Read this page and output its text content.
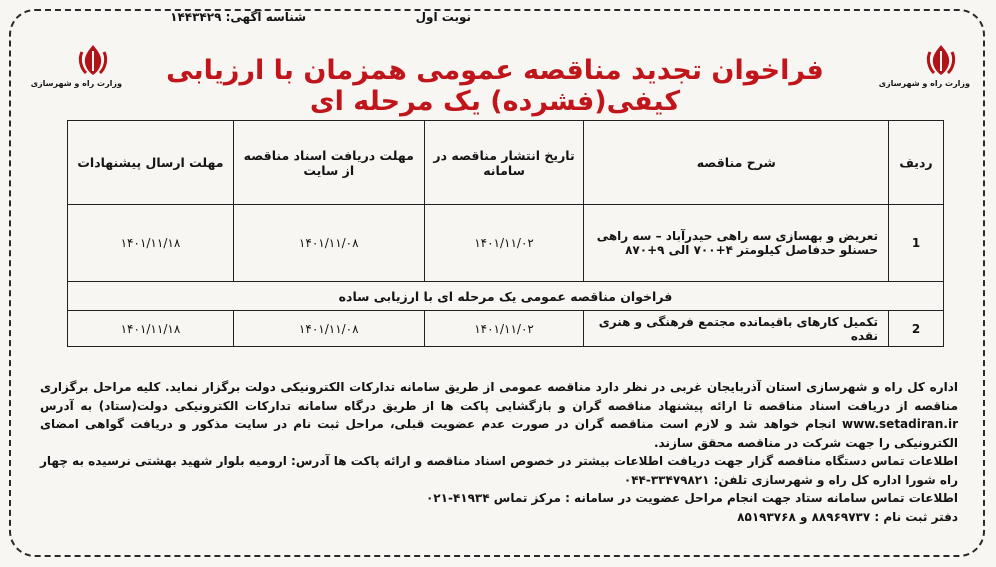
شناسه آگهی: ۱۴۴۳۴۲۹	نوبت اول
وزارت راه و شهرسازی
وزارت راه و شهرسازی	فراخوان تجدید مناقصه عمومی همزمان با ارزیابی کیفی(فشرده) یک مرحله ای
ردیف	شرح مناقصه	تاریخ انتشار مناقصه در سامانه	مهلت دریافت اسناد مناقصه از سایت	مهلت ارسال پیشنهادات
1	تعریض و بهسازی سه راهی حیدرآباد – سه راهی حسنلو حدفاصل کیلومتر ۴+۷۰۰ الی ۹+۸۷۰	۱۴۰۱/۱۱/۰۲	۱۴۰۱/۱۱/۰۸	۱۴۰۱/۱۱/۱۸
فراخوان مناقصه عمومی یک مرحله ای با ارزیابی ساده				
2	تکمیل کارهای باقیمانده مجتمع فرهنگی و هنری نقده	۱۴۰۱/۱۱/۰۲	۱۴۰۱/۱۱/۰۸	۱۴۰۱/۱۱/۱۸

اداره کل راه و شهرسازی استان آذربایجان غربی در نظر دارد مناقصه عمومی از طریق سامانه تدارکات الکترونیکی دولت برگزار نماید. کلیه مراحل برگزاری مناقصه از دریافت اسناد مناقصه تا ارائه پیشنهاد مناقصه گران و بازگشایی پاکت ها از طریق درگاه سامانه تدارکات الکترونیکی دولت(ستاد) به آدرس www.setadiran.ir انجام خواهد شد و لازم است مناقصه گران در صورت عدم عضویت قبلی، مراحل ثبت نام در سایت مذکور و دریافت گواهی امضای الکترونیکی را جهت شرکت در مناقصه محقق سازند.

اطلاعات تماس دستگاه مناقصه گزار جهت دریافت اطلاعات بیشتر در خصوص اسناد مناقصه و ارائه پاکت ها آدرس: ارومیه بلوار شهید بهشتی نرسیده به چهار راه شورا اداره کل راه و شهرسازی تلفن: ۳۳۴۷۹۸۲۱-۰۴۴

اطلاعات تماس سامانه ستاد جهت انجام مراحل عضویت در سامانه : مرکز تماس ۴۱۹۳۴-۰۲۱

دفتر ثبت نام : ۸۸۹۶۹۷۳۷ و ۸۵۱۹۳۷۶۸
